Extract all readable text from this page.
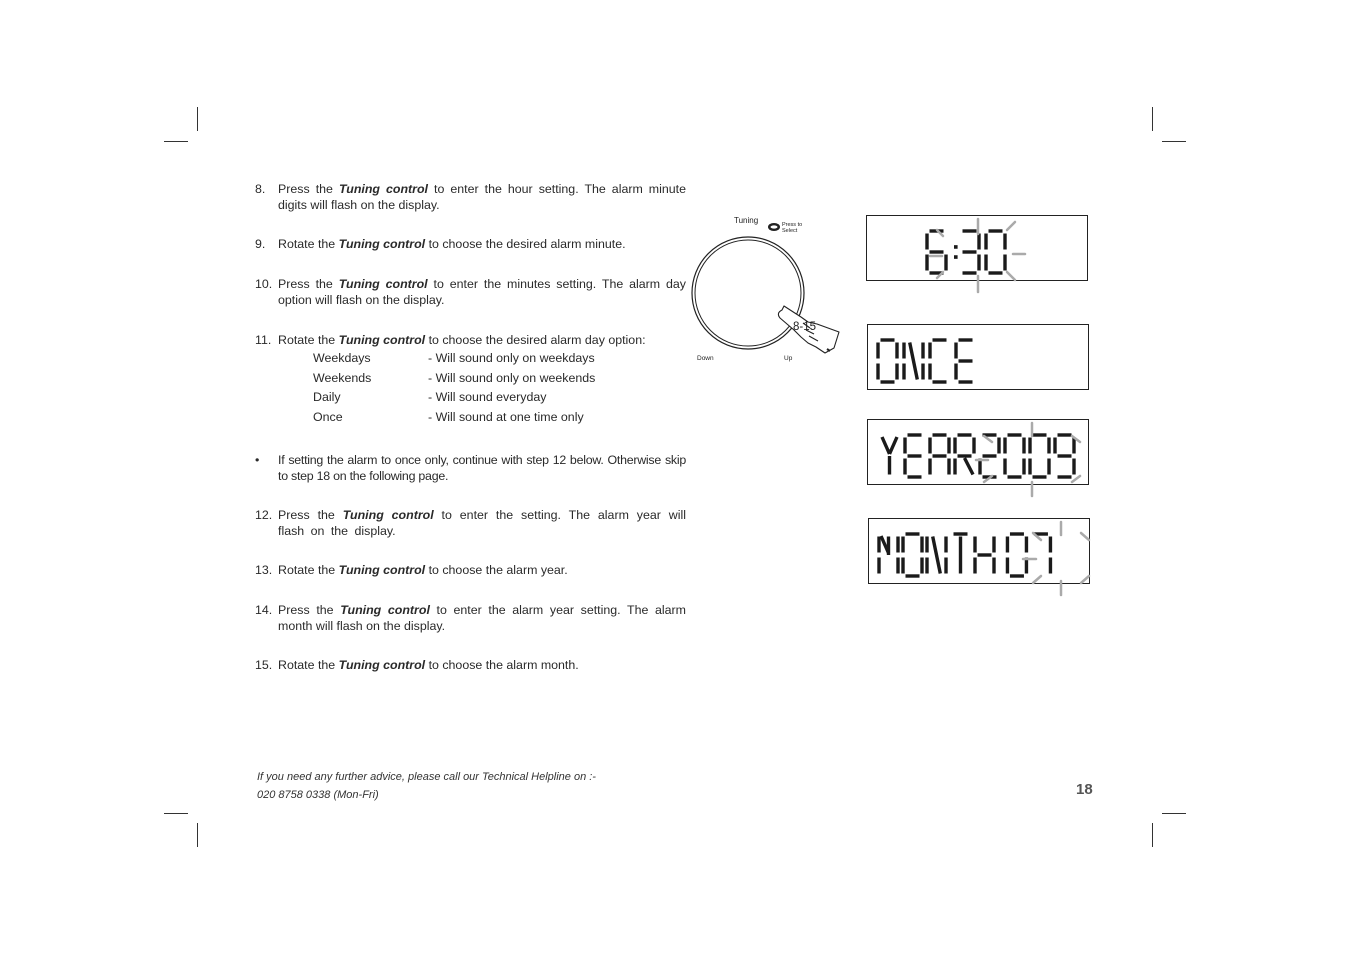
8. Press the Tuning control to enter the hour setting. The alarm minute digits will flash on the display.
9. Rotate the Tuning control to choose the desired alarm minute.
10. Press the Tuning control to enter the minutes setting. The alarm day option will flash on the display.
11. Rotate the Tuning control to choose the desired alarm day option:
Weekdays	- Will sound only on weekdays
Weekends	- Will sound only on weekends
Daily	- Will sound everyday
Once	- Will sound at one time only
• If setting the alarm to once only, continue with step 12 below. Otherwise skip to step 18 on the following page.
12. Press the Tuning control to enter the setting. The alarm year will flash on the display.
13. Rotate the Tuning control to choose the alarm year.
14. Press the Tuning control to enter the alarm year setting. The alarm month will flash on the display.
15. Rotate the Tuning control to choose the alarm month.
If you need any further advice, please call our Technical Helpline on :-
020 8758 0338 (Mon-Fri)	18
Tuning	Press to
Select
Down	Up
8-15
